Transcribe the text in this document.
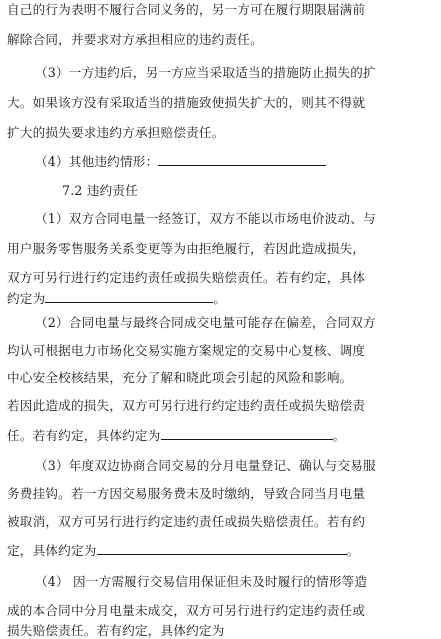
自己的行为表明不履行合同义务的，另一方可在履行期限届满前
解除合同，并要求对方承担相应的违约责任。
（3）一方违约后，另一方应当采取适当的措施防止损失的扩
大。如果该方没有采取适当的措施致使损失扩大的，则其不得就
扩大的损失要求违约方承担赔偿责任。
（4）其他违约情形：
7.2 违约责任
（1）双方合同电量一经签订，双方不能以市场电价波动、与
用户服务零售服务关系变更等为由拒绝履行，若因此造成损失，
双方可另行进行约定违约责任或损失赔偿责任。若有约定，具体
约定为	。
（2）合同电量与最终合同成交电量可能存在偏差，合同双方
均认可根据电力市场化交易实施方案规定的交易中心复核、调度
中心安全校核结果，充分了解和晓此项会引起的风险和影响。
若因此造成的损失，双方可另行进行约定违约责任或损失赔偿责
任。若有约定，具体约定为	。
（3）年度双边协商合同交易的分月电量登记、确认与交易服
务费挂钩。若一方因交易服务费未及时缴纳，导致合同当月电量
被取消，双方可另行进行约定违约责任或损失赔偿责任。若有约
定，具体约定为	。
（4） 因一方需履行交易信用保证但未及时履行的情形等造
成的本合同中分月电量未成交，双方可另行进行约定违约责任或
损失赔偿责任。若有约定，具体约定为
